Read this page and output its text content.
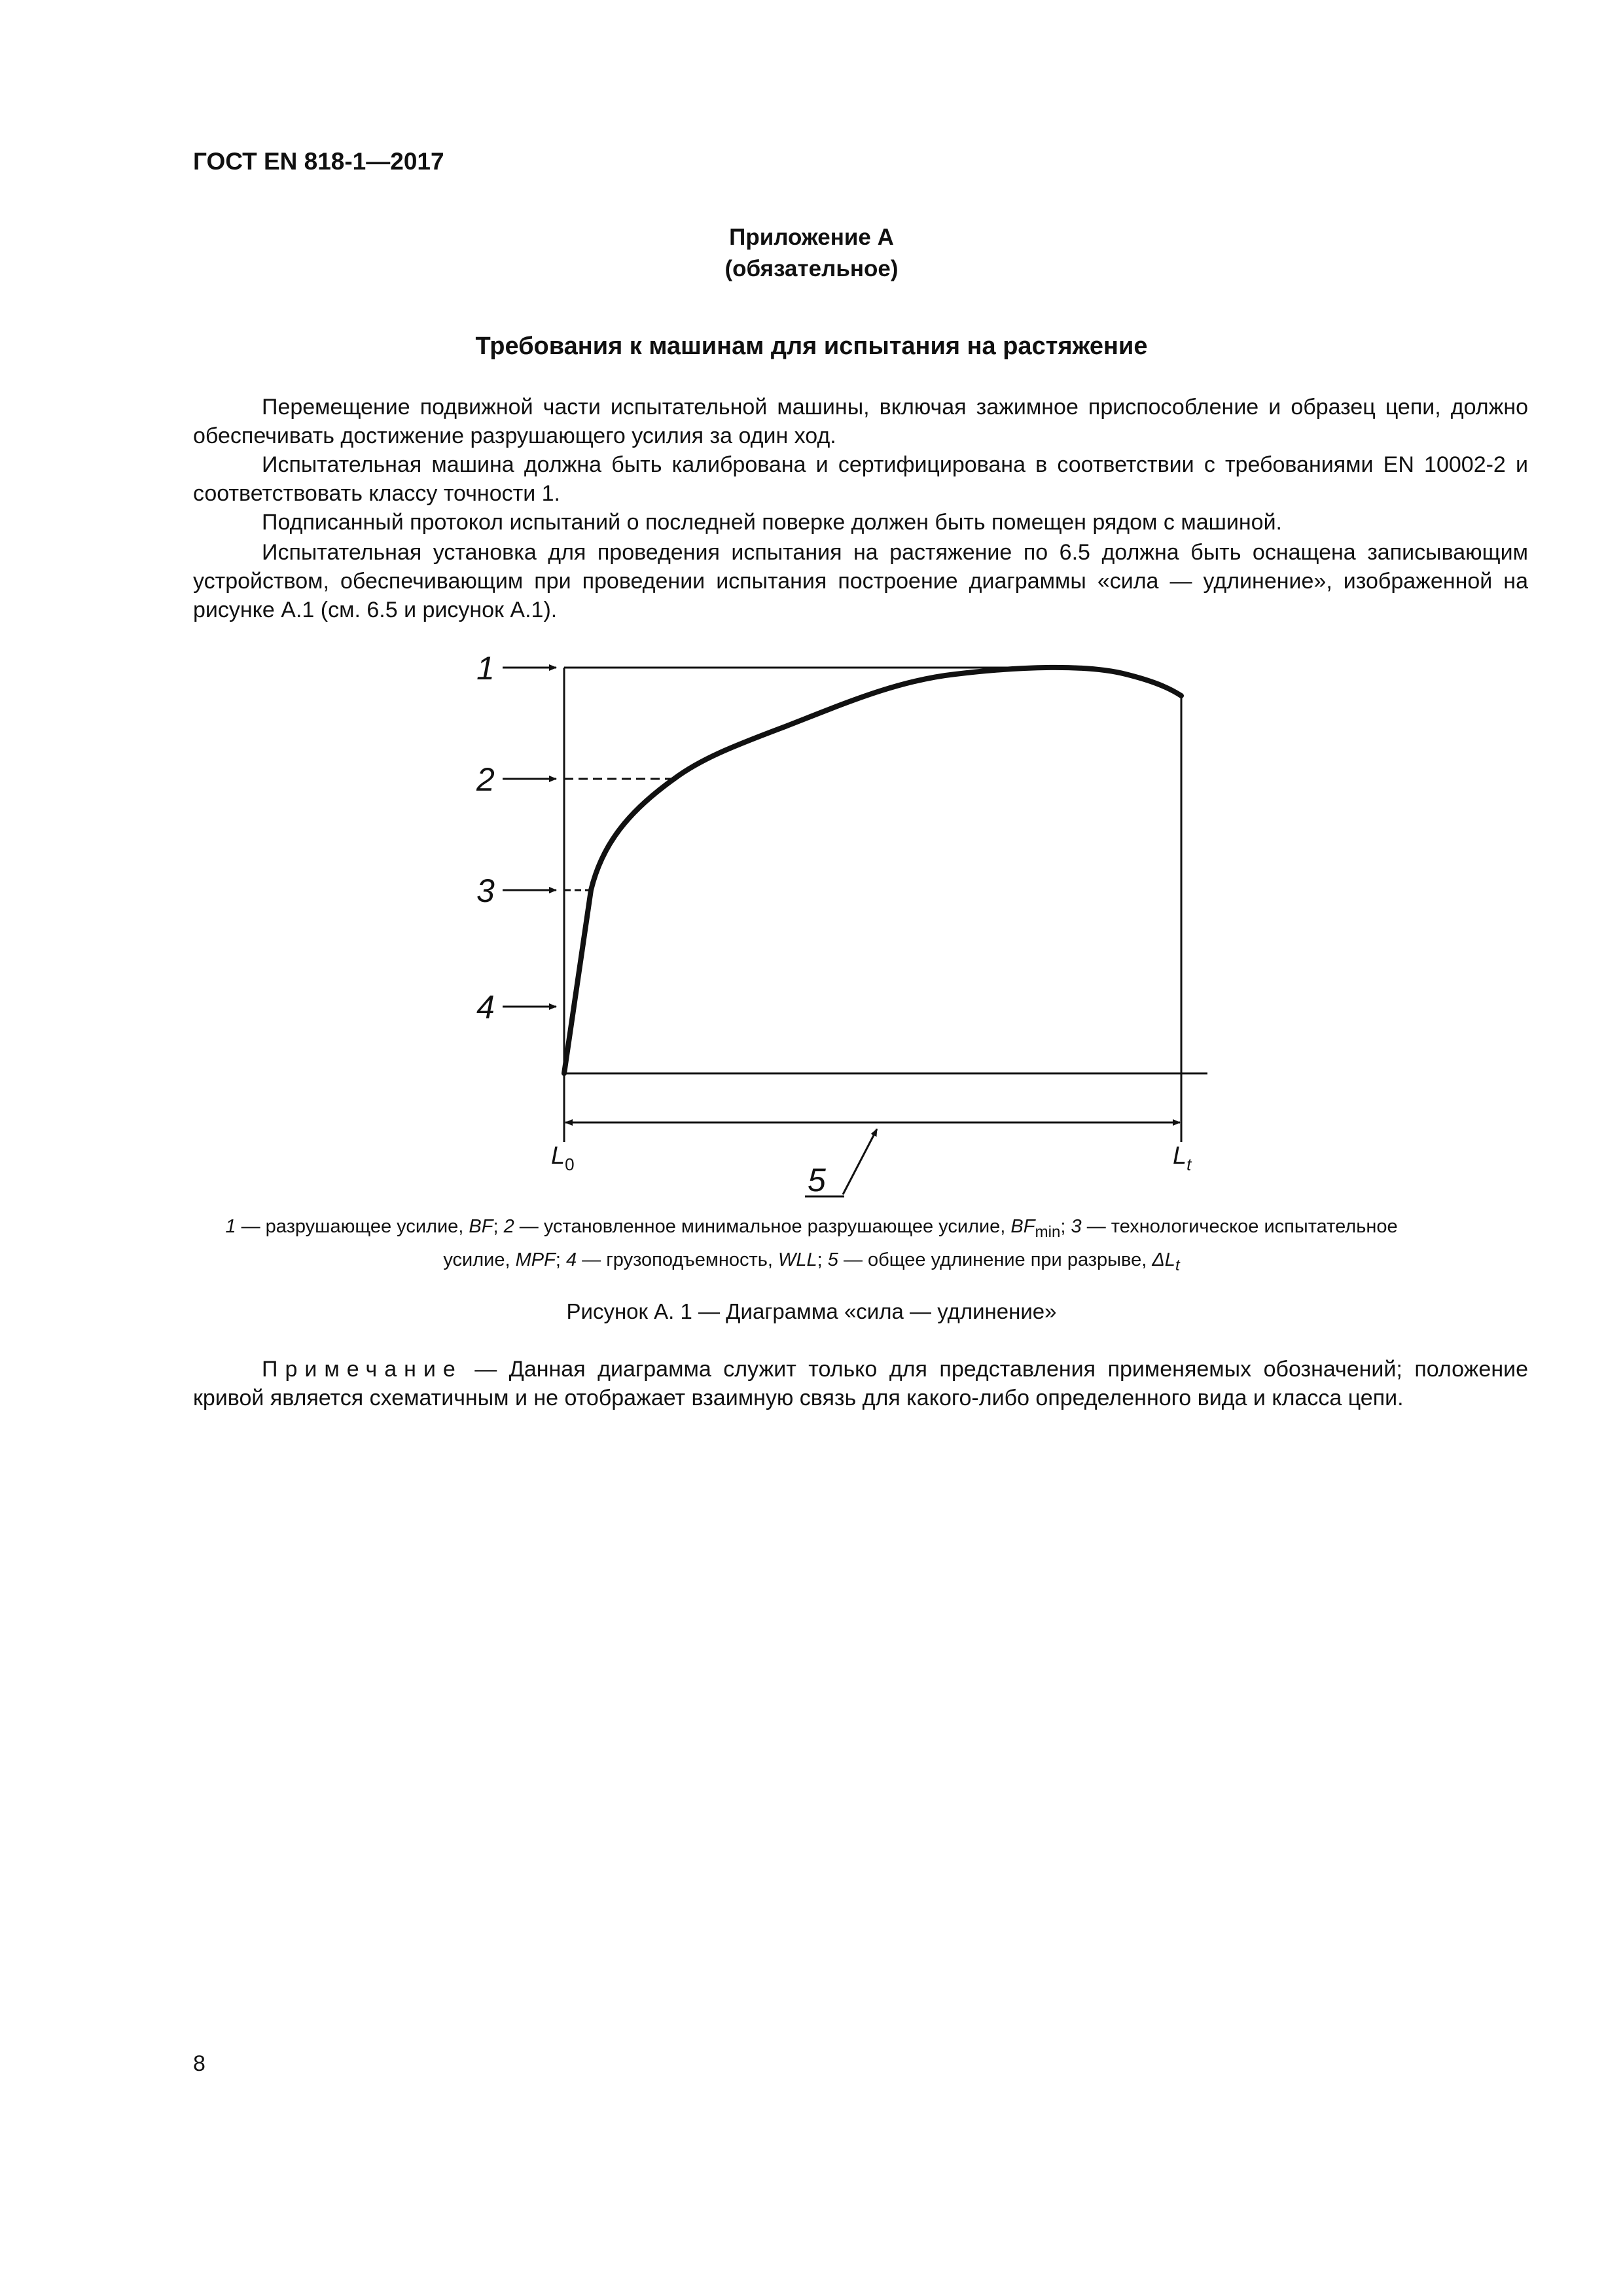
ГОСТ EN 818-1—2017
Приложение А
(обязательное)
Требования к машинам для испытания на растяжение

Перемещение подвижной части испытательной машины, включая зажимное приспособление и образец цепи, должно обеспечивать достижение разрушающего усилия за один ход.

Испытательная машина должна быть калибрована и сертифицирована в соответствии с требованиями EN 10002-2 и соответствовать классу точности 1.

Подписанный протокол испытаний о последней поверке должен быть помещен рядом с машиной.

Испытательная установка для проведения испытания на растяжение по 6.5 должна быть оснащена записывающим устройством, обеспечивающим при проведении испытания построение диаграммы «сила — удлинение», изображенной на рисунке А.1 (см. 6.5 и рисунок А.1).

1
2
3
4
5
$L_0$	$L_t$
1 — разрушающее усилие, BF; 2 — установленное минимальное разрушающее усилие, $BF_{min}$; 3 — технологическое испытательное усилие, MPF; 4 — грузоподъемность, WLL; 5 — общее удлинение при разрыве, $\Delta L_t$
Рисунок А. 1 — Диаграмма «сила — удлинение»

Примечание — Данная диаграмма служит только для представления применяемых обозначений; положение кривой является схематичным и не отображает взаимную связь для какого-либо определенного вида и класса цепи.

8
